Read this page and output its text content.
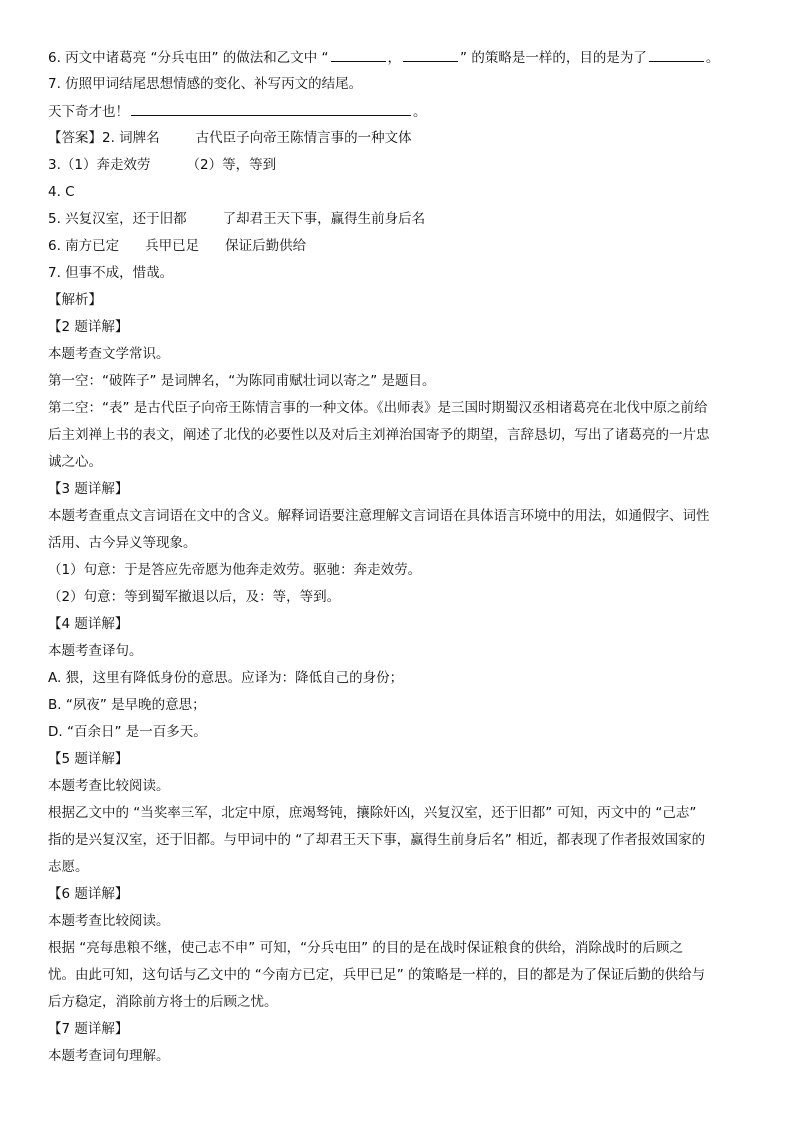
6. 丙文中诸葛亮 “分兵屯田” 的做法和乙文中 “	，	” 的策略是一样的，目的是为了	。
7. 仿照甲词结尾思想情感的变化、补写丙文的结尾。
天下奇才也！	。
【答案】2. 词牌名	古代臣子向帝王陈情言事的一种文体
3.（1）奔走效劳	（2）等，等到
4. C
5. 兴复汉室，还于旧都	了却君王天下事，赢得生前身后名
6. 南方已定 兵甲已足 保证后勤供给
7. 但事不成，惜哉。
【解析】
【2 题详解】
本题考查文学常识。
第一空：“破阵子” 是词牌名，“为陈同甫赋壮词以寄之” 是题目。
第二空：“表” 是古代臣子向帝王陈情言事的一种文体。《出师表》是三国时期蜀汉丞相诸葛亮在北伐中原之前给
后主刘禅上书的表文，阐述了北伐的必要性以及对后主刘禅治国寄予的期望，言辞恳切，写出了诸葛亮的一片忠
诚之心。
【3 题详解】
本题考查重点文言词语在文中的含义。解释词语要注意理解文言词语在具体语言环境中的用法，如通假字、词性
活用、古今异义等现象。
（1）句意：于是答应先帝愿为他奔走效劳。驱驰：奔走效劳。
（2）句意：等到蜀军撤退以后，及：等，等到。
【4 题详解】
本题考查译句。
A. 猥，这里有降低身份的意思。应译为：降低自己的身份；
B. “夙夜” 是早晚的意思；
D. “百余日” 是一百多天。
【5 题详解】
本题考查比较阅读。
根据乙文中的 “当奖率三军，北定中原，庶竭驽钝，攘除奸凶，兴复汉室，还于旧都” 可知，丙文中的 “己志”
指的是兴复汉室，还于旧都。与甲词中的 “了却君王天下事，赢得生前身后名” 相近，都表现了作者报效国家的
志愿。
【6 题详解】
本题考查比较阅读。
根据 “亮每患粮不继，使己志不申” 可知，“分兵屯田” 的目的是在战时保证粮食的供给，消除战时的后顾之
忧。由此可知，这句话与乙文中的 “今南方已定，兵甲已足” 的策略是一样的，目的都是为了保证后勤的供给与
后方稳定，消除前方将士的后顾之忧。
【7 题详解】
本题考查词句理解。
